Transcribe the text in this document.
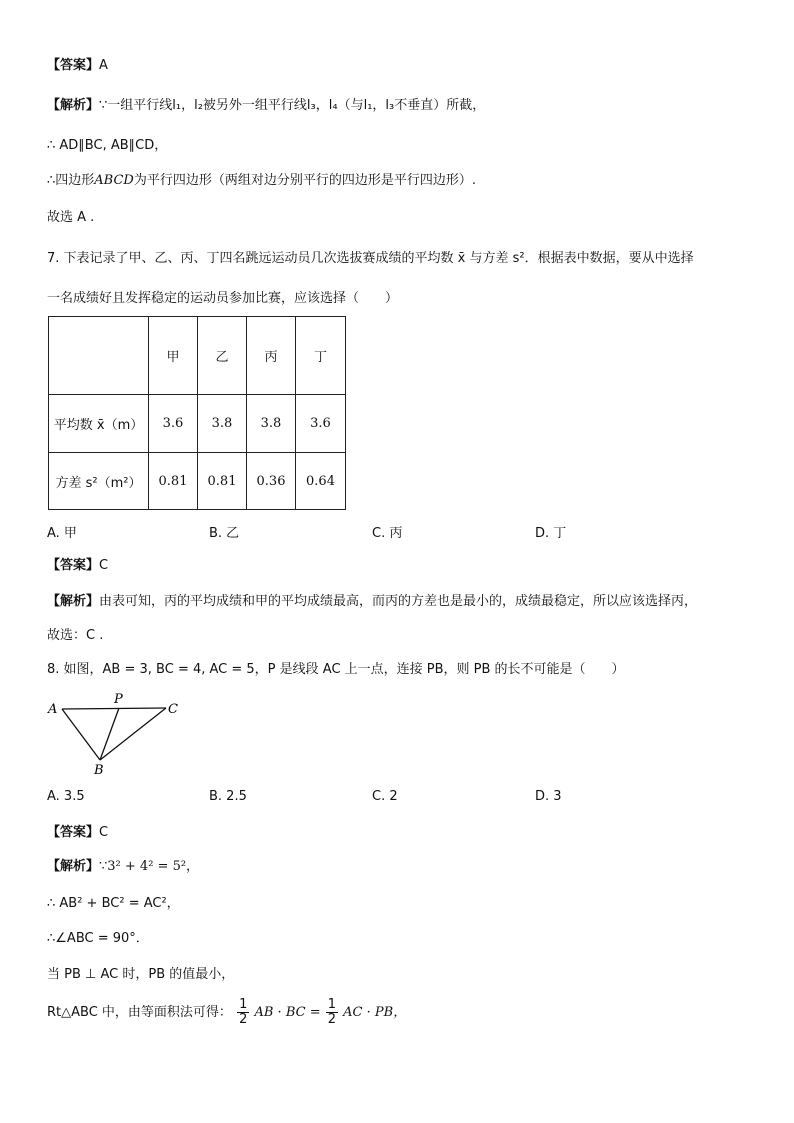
【答案】A
【解析】∵一组平行线l₁，l₂被另外一组平行线l₃，l₄（与l₁，l₃不垂直）所截，
∴ AD∥BC, AB∥CD，
∴四边形ABCD为平行四边形（两组对边分别平行的四边形是平行四边形）.
故选 A .
7. 下表记录了甲、乙、丙、丁四名跳远运动员几次选拔赛成绩的平均数 x̄ 与方差 s²．根据表中数据，要从中选择
一名成绩好且发挥稳定的运动员参加比赛，应该选择（　　）
	甲	乙	丙	丁
平均数 x̄（m）	3.6	3.8	3.8	3.6
方差 s²（m²）	0.81	0.81	0.36	0.64
A. 甲	B. 乙	C. 丙	D. 丁
【答案】C
【解析】由表可知，丙的平均成绩和甲的平均成绩最高，而丙的方差也是最小的，成绩最稳定，所以应该选择丙，
故选：C .
8. 如图，AB = 3, BC = 4, AC = 5，P 是线段 AC 上一点，连接 PB，则 PB 的长不可能是（　　）
A
P
C
B
A. 3.5	B. 2.5	C. 2	D. 3
【答案】C
【解析】∵3² + 4² = 5²，
∴ AB² + BC² = AC²，
∴∠ABC = 90°．
当 PB ⊥ AC 时，PB 的值最小，
Rt△ABC 中，由等面积法可得： $\frac{1}{2}$ AB · BC = $\frac{1}{2}$ AC · PB，
